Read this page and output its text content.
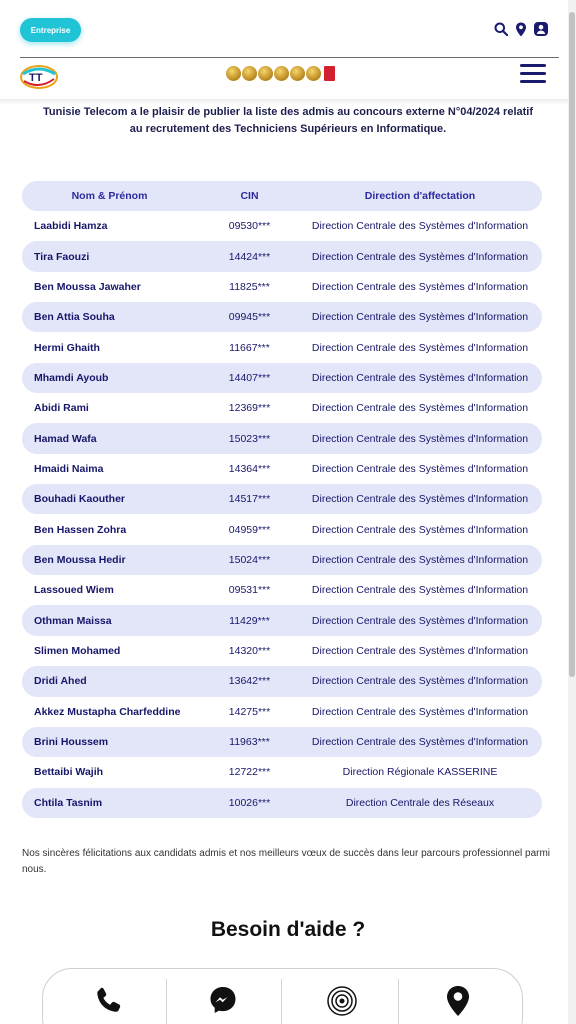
Entreprise
TT
Tunisie Telecom a le plaisir de publier la liste des admis au concours externe N°04/2024 relatif au recrutement des Techniciens Supérieurs en Informatique.
Nom & Prénom	CIN	Direction d'affectation
Laabidi Hamza	09530***	Direction Centrale des Systèmes d'Information
Tira Faouzi	14424***	Direction Centrale des Systèmes d'Information
Ben Moussa Jawaher	11825***	Direction Centrale des Systèmes d'Information
Ben Attia Souha	09945***	Direction Centrale des Systèmes d'Information
Hermi Ghaith	11667***	Direction Centrale des Systèmes d'Information
Mhamdi Ayoub	14407***	Direction Centrale des Systèmes d'Information
Abidi Rami	12369***	Direction Centrale des Systèmes d'Information
Hamad Wafa	15023***	Direction Centrale des Systèmes d'Information
Hmaidi Naima	14364***	Direction Centrale des Systèmes d'Information
Bouhadi Kaouther	14517***	Direction Centrale des Systèmes d'Information
Ben Hassen Zohra	04959***	Direction Centrale des Systèmes d'Information
Ben Moussa Hedir	15024***	Direction Centrale des Systèmes d'Information
Lassoued Wiem	09531***	Direction Centrale des Systèmes d'Information
Othman Maissa	11429***	Direction Centrale des Systèmes d'Information
Slimen Mohamed	14320***	Direction Centrale des Systèmes d'Information
Dridi Ahed	13642***	Direction Centrale des Systèmes d'Information
Akkez Mustapha Charfeddine	14275***	Direction Centrale des Systèmes d'Information
Brini Houssem	11963***	Direction Centrale des Systèmes d'Information
Bettaibi Wajih	12722***	Direction Régionale KASSERINE
Chtila Tasnim	10026***	Direction Centrale des Réseaux
Nos sincères félicitations aux candidats admis et nos meilleurs vœux de succès dans leur parcours professionnel parmi nous.
Besoin d'aide ?
